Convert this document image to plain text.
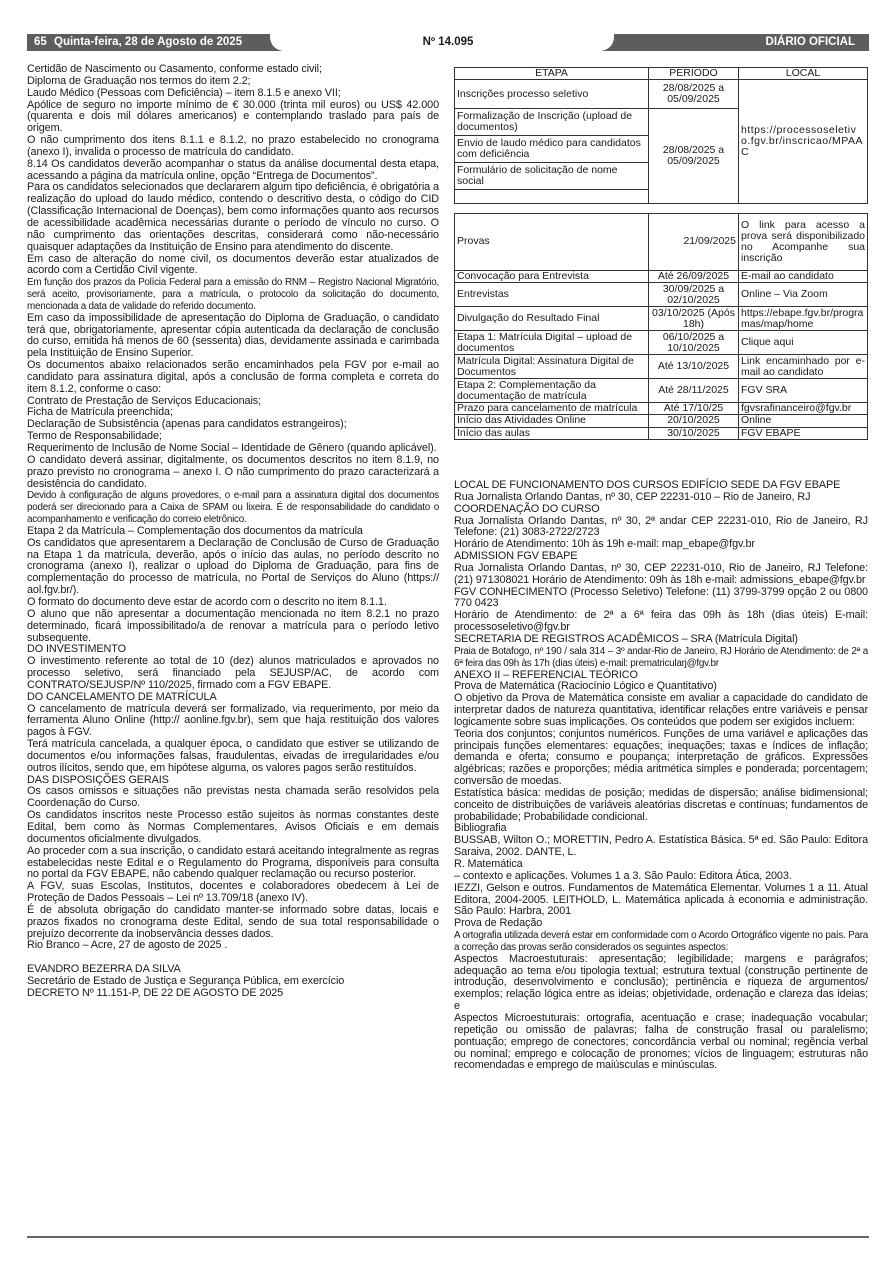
65 Quinta-feira, 28 de Agosto de 2025	Nº 14.095	DIÁRIO OFICIAL

Certidão de Nascimento ou Casamento, conforme estado civil;

Diploma de Graduação nos termos do item 2.2;

Laudo Médico (Pessoas com Deficiência) – item 8.1.5 e anexo VII;

Apólice de seguro no importe mínimo de € 30.000 (trinta mil euros) ou US$ 42.000 (quarenta e dois mil dólares americanos) e contemplando traslado para país de origem.

O não cumprimento dos itens 8.1.1 e 8.1.2, no prazo estabelecido no cronograma (anexo I), invalida o processo de matrícula do candidato.

8.14 Os candidatos deverão acompanhar o status da análise documental desta etapa, acessando a página da matrícula online, opção “Entrega de Documentos”.

Para os candidatos selecionados que declararem algum tipo deficiência, é obrigatória a realização do upload do laudo médico, contendo o descritivo desta, o código do CID (Classificação Internacional de Doenças), bem como informações quanto aos recursos de acessibilidade acadêmica necessárias durante o período de vínculo no curso. O não cumprimento das orientações descritas, considerará como não-necessário quaisquer adaptações da Instituição de Ensino para atendimento do discente.

Em caso de alteração do nome civil, os documentos deverão estar atualizados de acordo com a Certidão Civil vigente.

Em função dos prazos da Polícia Federal para a emissão do RNM – Registro Nacional Migratório, será aceito, provisoriamente, para a matrícula, o protocolo da solicitação do documento, mencionada a data de validade do referido documento.

Em caso da impossibilidade de apresentação do Diploma de Graduação, o candidato terá que, obrigatoriamente, apresentar cópia autenticada da declaração de conclusão do curso, emitida há menos de 60 (sessenta) dias, devidamente assinada e carimbada pela Instituição de Ensino Superior.

Os documentos abaixo relacionados serão encaminhados pela FGV por e-mail ao candidato para assinatura digital, após a conclusão de forma completa e correta do item 8.1.2, conforme o caso:

Contrato de Prestação de Serviços Educacionais;

Ficha de Matrícula preenchida;

Declaração de Subsistência (apenas para candidatos estrangeiros);

Termo de Responsabilidade;

Requerimento de Inclusão de Nome Social – Identidade de Gênero (quando aplicável).

O candidato deverá assinar, digitalmente, os documentos descritos no item 8.1.9, no prazo previsto no cronograma – anexo I. O não cumprimento do prazo caracterizará a desistência do candidato.

Devido à configuração de alguns provedores, o e-mail para a assinatura digital dos documentos poderá ser direcionado para a Caixa de SPAM ou lixeira. É de responsabilidade do candidato o acompanhamento e verificação do correio eletrônico.

Etapa 2 da Matrícula – Complementação dos documentos da matrícula

Os candidatos que apresentarem a Declaração de Conclusão de Curso de Graduação na Etapa 1 da matrícula, deverão, após o início das aulas, no período descrito no cronograma (anexo I), realizar o upload do Diploma de Graduação, para fins de complementação do processo de matrícula, no Portal de Serviços do Aluno (https:// aol.fgv.br/).

O formato do documento deve estar de acordo com o descrito no item 8.1.1.

O aluno que não apresentar a documentação mencionada no item 8.2.1 no prazo determinado, ficará impossibilitado/a de renovar a matrícula para o período letivo subsequente.

DO INVESTIMENTO

O investimento referente ao total de 10 (dez) alunos matriculados e aprovados no processo seletivo, será financiado pela SEJUSP/AC, de acordo com CONTRATO/SEJUSP/Nº 110/2025, firmado com a FGV EBAPE.

DO CANCELAMENTO DE MATRÍCULA

O cancelamento de matrícula deverá ser formalizado, via requerimento, por meio da ferramenta Aluno Online (http:// aonline.fgv.br), sem que haja restituição dos valores pagos à FGV.

Terá matrícula cancelada, a qualquer época, o candidato que estiver se utilizando de documentos e/ou informações falsas, fraudulentas, eivadas de irregularidades e/ou outros ilícitos, sendo que, em hipótese alguma, os valores pagos serão restituídos.

DAS DISPOSIÇÕES GERAIS

Os casos omissos e situações não previstas nesta chamada serão resolvidos pela Coordenação do Curso.

Os candidatos inscritos neste Processo estão sujeitos às normas constantes deste Edital, bem como às Normas Complementares, Avisos Oficiais e em demais documentos oficialmente divulgados.

Ao proceder com a sua inscrição, o candidato estará aceitando integralmente as regras estabelecidas neste Edital e o Regulamento do Programa, disponíveis para consulta no portal da FGV EBAPE, não cabendo qualquer reclamação ou recurso posterior.

A FGV, suas Escolas, Institutos, docentes e colaboradores obedecem à Lei de Proteção de Dados Pessoais – Lei nº 13.709/18 (anexo IV).

É de absoluta obrigação do candidato manter-se informado sobre datas, locais e prazos fixados no cronograma deste Edital, sendo de sua total responsabilidade o prejuízo decorrente da inobservância desses dados.

Rio Branco – Acre, 27 de agosto de 2025 .

EVANDRO BEZERRA DA SILVA

Secretário de Estado de Justiça e Segurança Pública, em exercício

DECRETO Nº 11.151-P, DE 22 DE AGOSTO DE 2025

ETAPA	PERÍODO	LOCAL
Inscrições processo seletivo	28/08/2025 a 05/09/2025	https://processoseletivo.fgv.br/inscricao/MPAAC
Formalização de Inscrição (upload de documentos)	28/08/2025 a 05/09/2025	
Envio de laudo médico para candidatos com deficiência		
Formulário de solicitação de nome social		

Provas	21/09/2025	O link para acesso a prova será disponibilizado no Acompanhe sua inscrição
Convocação para Entrevista	Até 26/09/2025	E-mail ao candidato
Entrevistas	30/09/2025 a 02/10/2025	Online – Via Zoom
Divulgação do Resultado Final	03/10/2025 (Após 18h)	https://ebape.fgv.br/programas/map/home
Etapa 1: Matrícula Digital – upload de documentos	06/10/2025 a 10/10/2025	Clique aqui
Matrícula Digital: Assinatura Digital de Documentos	Até 13/10/2025	Link encaminhado por e-mail ao candidato
Etapa 2: Complementação da documentação de matrícula	Até 28/11/2025	FGV SRA
Prazo para cancelamento de matrícula	Até 17/10/25	fgvsrafinanceiro@fgv.br
Início das Atividades Online	20/10/2025	Online
Início das aulas	30/10/2025	FGV EBAPE

LOCAL DE FUNCIONAMENTO DOS CURSOS EDIFÍCIO SEDE DA FGV EBAPE

Rua Jornalista Orlando Dantas, nº 30, CEP 22231-010 – Rio de Janeiro, RJ

COORDENAÇÃO DO CURSO

Rua Jornalista Orlando Dantas, nº 30, 2ª andar CEP 22231-010, Rio de Janeiro, RJ Telefone: (21) 3083-2722/2723

Horário de Atendimento: 10h às 19h e-mail: map_ebape@fgv.br

ADMISSION FGV EBAPE

Rua Jornalista Orlando Dantas, nº 30, CEP 22231-010, Rio de Janeiro, RJ Telefone: (21) 971308021 Horário de Atendimento: 09h às 18h e-mail: admissions_ebape@fgv.br

FGV CONHECIMENTO (Processo Seletivo) Telefone: (11) 3799-3799 opção 2 ou 0800 770 0423

Horário de Atendimento: de 2ª a 6ª feira das 09h às 18h (dias úteis) E-mail: processoseletivo@fgv.br

SECRETARIA DE REGISTROS ACADÊMICOS – SRA (Matrícula Digital)

Praia de Botafogo, nº 190 / sala 314 – 3º andar-Rio de Janeiro, RJ Horário de Atendimento: de 2ª a 6ª feira das 09h às 17h (dias úteis) e-mail: prematricularj@fgv.br

ANEXO II – REFERENCIAL TEÓRICO

Prova de Matemática (Raciocínio Lógico e Quantitativo)

O objetivo da Prova de Matemática consiste em avaliar a capacidade do candidato de interpretar dados de natureza quantitativa, identificar relações entre variáveis e pensar logicamente sobre suas implicações. Os conteúdos que podem ser exigidos incluem:

Teoria dos conjuntos; conjuntos numéricos. Funções de uma variável e aplicações das principais funções elementares: equações; inequações; taxas e índices de inflação; demanda e oferta; consumo e poupança; interpretação de gráficos. Expressões algébricas; razões e proporções; média aritmética simples e ponderada; porcentagem; conversão de moedas.

Estatística básica: medidas de posição; medidas de dispersão; análise bidimensional; conceito de distribuições de variáveis aleatórias discretas e contínuas; fundamentos de probabilidade; Probabilidade condicional.

Bibliografia

BUSSAB, Wilton O.; MORETTIN, Pedro A. Estatística Básica. 5ª ed. São Paulo: Editora Saraiva, 2002. DANTE, L.

R. Matemática

– contexto e aplicações. Volumes 1 a 3. São Paulo: Editora Ática, 2003.

IEZZI, Gelson e outros. Fundamentos de Matemática Elementar. Volumes 1 a 11. Atual Editora, 2004-2005. LEITHOLD, L. Matemática aplicada à economia e administração. São Paulo: Harbra, 2001

Prova de Redação

A ortografia utilizada deverá estar em conformidade com o Acordo Ortográfico vigente no país. Para a correção das provas serão considerados os seguintes aspectos:

Aspectos Macroestuturais: apresentação; legibilidade; margens e parágrafos; adequação ao tema e/ou tipologia textual; estrutura textual (construção pertinente de introdução, desenvolvimento e conclusão); pertinência e riqueza de argumentos/ exemplos; relação lógica entre as ideias; objetividade, ordenação e clareza das ideias; e

Aspectos Microestuturais: ortografia, acentuação e crase; inadequação vocabular; repetição ou omissão de palavras; falha de construção frasal ou paralelismo; pontuação; emprego de conectores; concordância verbal ou nominal; regência verbal ou nominal; emprego e colocação de pronomes; vícios de linguagem; estruturas não recomendadas e emprego de maiúsculas e minúsculas.
